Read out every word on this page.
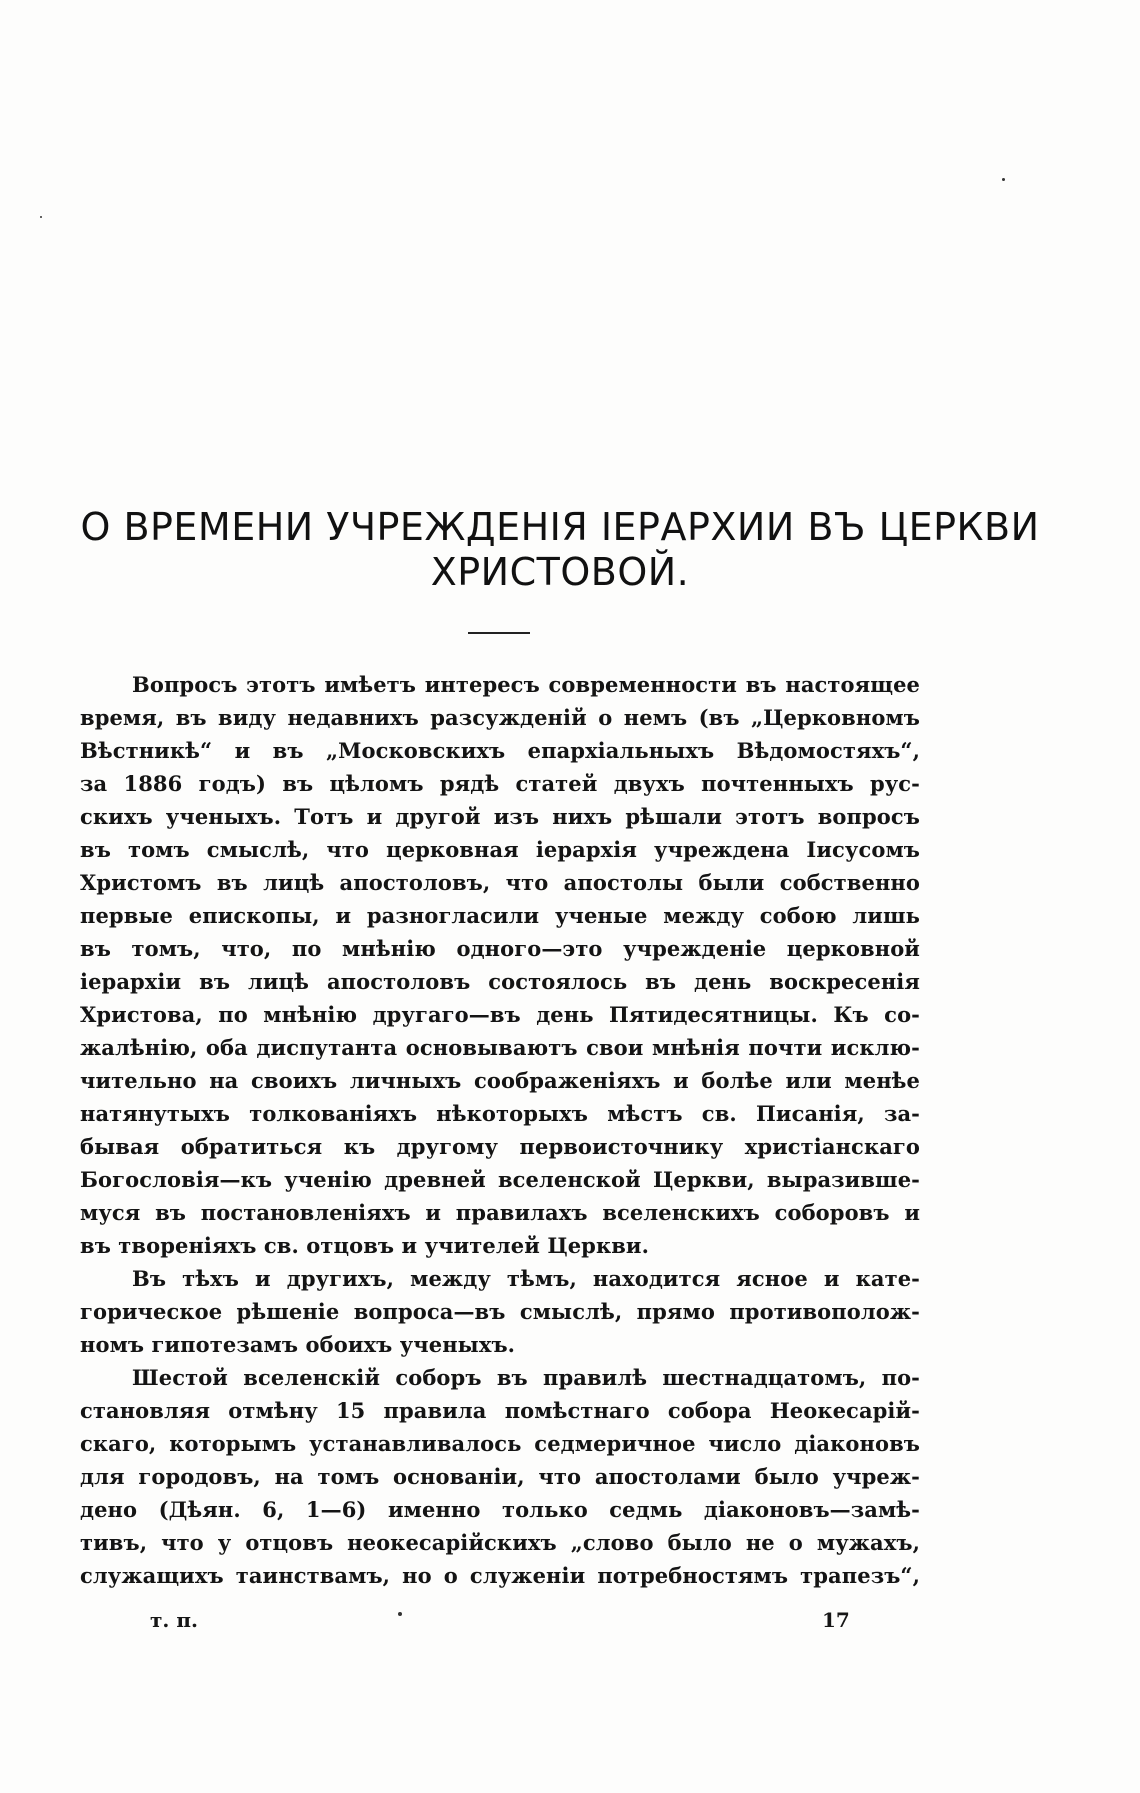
О ВРЕМЕНИ УЧРЕЖДЕНІЯ ІЕРАРХИИ ВЪ ЦЕРКВИ
ХРИСТОВОЙ.
Вопросъ этотъ имѣетъ интересъ современности въ настоящее
время, въ виду недавнихъ разсужденій о немъ (въ „Церковномъ
Вѣстникѣ“ и въ „Московскихъ епархіальныхъ Вѣдомостяхъ“,
за 1886 годъ) въ цѣломъ рядѣ статей двухъ почтенныхъ рус-
скихъ ученыхъ. Тотъ и другой изъ нихъ рѣшали этотъ вопросъ
въ томъ смыслѣ, что церковная іерархія учреждена Іисусомъ
Христомъ въ лицѣ апостоловъ, что апостолы были собственно
первые епископы, и разногласили ученые между собою лишь
въ томъ, что, по мнѣнію одного—это учрежденіе церковной
іерархіи въ лицѣ апостоловъ состоялось въ день воскресенія
Христова, по мнѣнію другаго—въ день Пятидесятницы. Къ со-
жалѣнію, оба диспутанта основываютъ свои мнѣнія почти исклю-
чительно на своихъ личныхъ соображеніяхъ и болѣе или менѣе
натянутыхъ толкованіяхъ нѣкоторыхъ мѣстъ св. Писанія, за-
бывая обратиться къ другому первоисточнику христіанскаго
Богословія—къ ученію древней вселенской Церкви, выразивше-
муся въ постановленіяхъ и правилахъ вселенскихъ соборовъ и
въ твореніяхъ св. отцовъ и учителей Церкви.
Въ тѣхъ и другихъ, между тѣмъ, находится ясное и кате-
горическое рѣшеніе вопроса—въ смыслѣ, прямо противополож-
номъ гипотезамъ обоихъ ученыхъ.
Шестой вселенскій соборъ въ правилѣ шестнадцатомъ, по-
становляя отмѣну 15 правила помѣстнаго собора Неокесарій-
скаго, которымъ устанавливалось седмеричное число діаконовъ
для городовъ, на томъ основаніи, что апостолами было учреж-
дено (Дѣян. 6, 1—6) именно только седмь діаконовъ—замѣ-
тивъ, что у отцовъ неокесарійскихъ „слово было не о мужахъ,
служащихъ таинствамъ, но о служеніи потребностямъ трапезъ“,
т. п.	17
